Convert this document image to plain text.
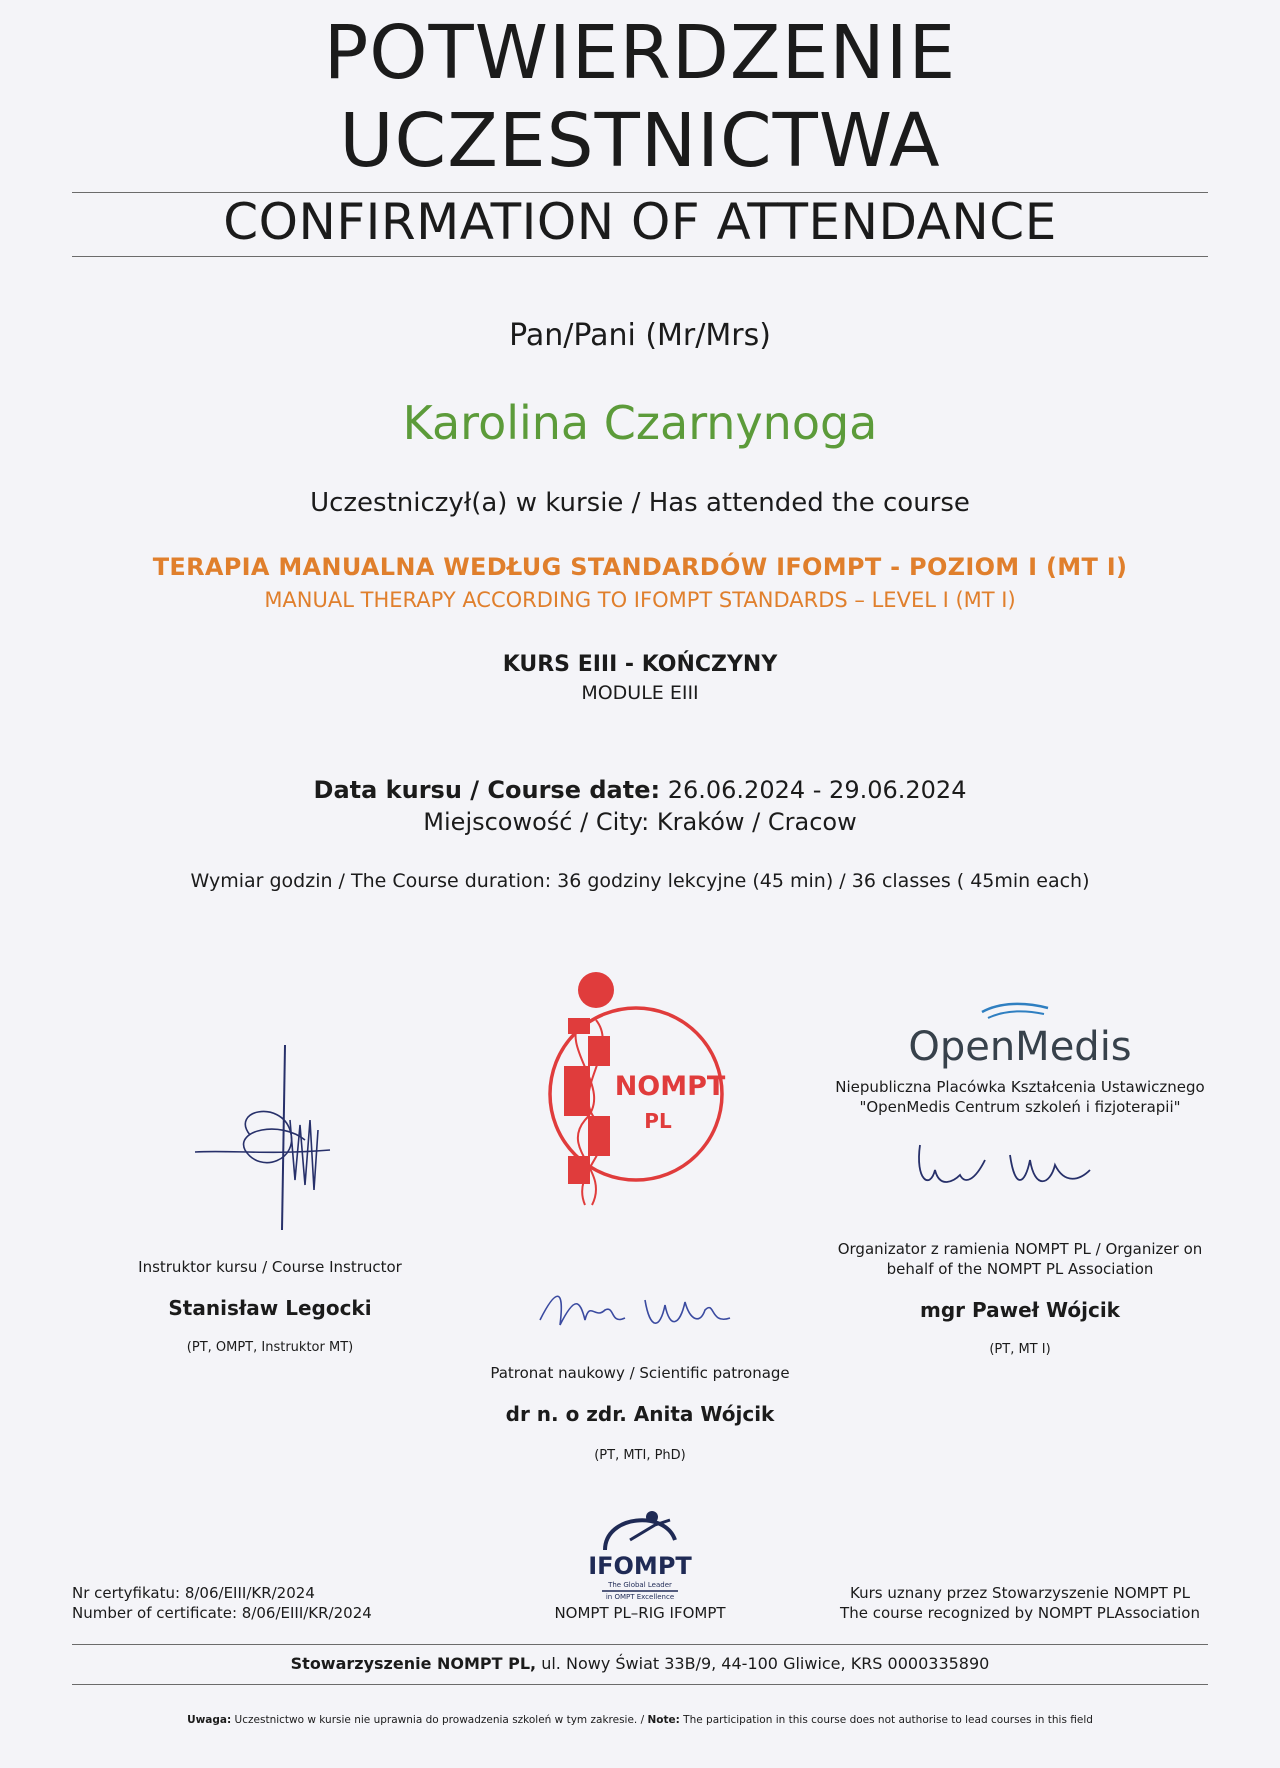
POTWIERDZENIE
UCZESTNICTWA
CONFIRMATION OF ATTENDANCE
Pan/Pani (Mr/Mrs)
Karolina Czarnynoga
Uczestniczył(a) w kursie / Has attended the course
TERAPIA MANUALNA WEDŁUG STANDARDÓW IFOMPT - POZIOM I (MT I)
MANUAL THERAPY ACCORDING TO IFOMPT STANDARDS – LEVEL I (MT I)
KURS EIII - KOŃCZYNY
MODULE EIII
Data kursu / Course date: 26.06.2024 - 29.06.2024
Miejscowość / City: Kraków / Cracow
Wymiar godzin / The Course duration: 36 godziny lekcyjne (45 min) / 36 classes ( 45min each)
Instruktor kursu / Course Instructor
Stanisław Legocki
(PT, OMPT, Instruktor MT)
NOMPT
PL
Patronat naukowy / Scientific patronage
dr n. o zdr. Anita Wójcik
(PT, MTI, PhD)
OpenMedis
Niepubliczna Placówka Kształcenia Ustawicznego
"OpenMedis Centrum szkoleń i fizjoterapii"
Organizator z ramienia NOMPT PL / Organizer on
behalf of the NOMPT PL Association
mgr Paweł Wójcik
(PT, MT I)
IFOMPT
The Global Leader
in OMPT Excellence
NOMPT PL–RIG IFOMPT
Nr certyfikatu: 8/06/EIII/KR/2024
Number of certificate: 8/06/EIII/KR/2024
Kurs uznany przez Stowarzyszenie NOMPT PL
The course recognized by NOMPT PLAssociation
Stowarzyszenie NOMPT PL, ul. Nowy Świat 33B/9, 44-100 Gliwice, KRS 0000335890
Uwaga: Uczestnictwo w kursie nie uprawnia do prowadzenia szkoleń w tym zakresie. / Note: The participation in this course does not authorise to lead courses in this field
